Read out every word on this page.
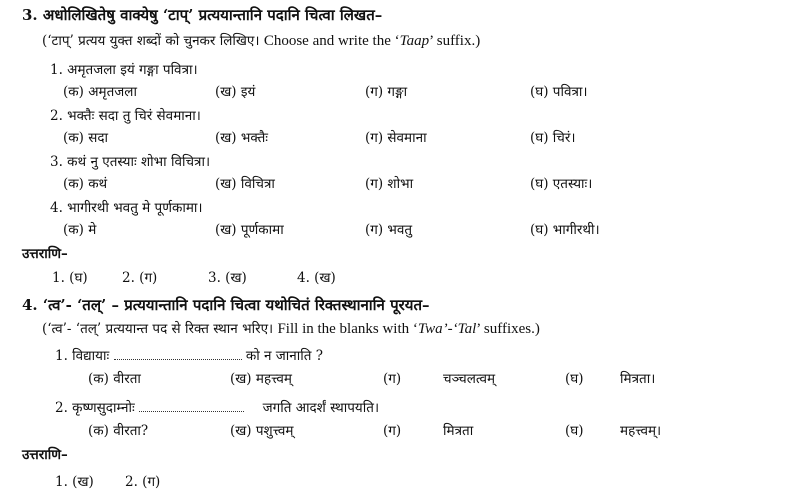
3. अधोलिखितेषु वाक्येषु ‘टाप्’ प्रत्ययान्तानि पदानि चित्वा लिखत–
(‘टाप्’ प्रत्यय युक्त शब्दों को चुनकर लिखिए। Choose and write the ‘Taap’ suffix.)
1. अमृतजला इयं गङ्गा पवित्रा।
(क) अमृतजला	(ख) इयं	(ग) गङ्गा	(घ) पवित्रा।
2. भक्तैः सदा तु चिरं सेवमाना।
(क) सदा	(ख) भक्तैः	(ग) सेवमाना	(घ) चिरं।
3. कथं नु एतस्याः शोभा विचित्रा।
(क) कथं	(ख) विचित्रा	(ग) शोभा	(घ) एतस्याः।
4. भागीरथी भवतु मे पूर्णकामा।
(क) मे	(ख) पूर्णकामा	(ग) भवतु	(घ) भागीरथी।
उत्तराणि–
1. (घ)	2. (ग)	3. (ख)	4. (ख)
4. ‘त्व’- ‘तल्’ – प्रत्ययान्तानि पदानि चित्वा यथोचितं रिक्तस्थानानि पूरयत–
(‘त्व’- ‘तल्’ प्रत्ययान्त पद से रिक्त स्थान भरिए। Fill in the blanks with ‘Twa’-‘Tal’ suffixes.)
1. विद्यायाः	को न जानाति ?
(क) वीरता	(ख) महत्त्वम्	(ग)	चञ्चलत्वम्	(घ)	मित्रता।
2. कृष्णसुदाम्नोः	जगति आदर्शं स्थापयति।
(क) वीरता?	(ख) पशुत्त्वम्	(ग)	मित्रता	(घ)	महत्त्वम्।
उत्तराणि–
1. (ख) 2. (ग)
